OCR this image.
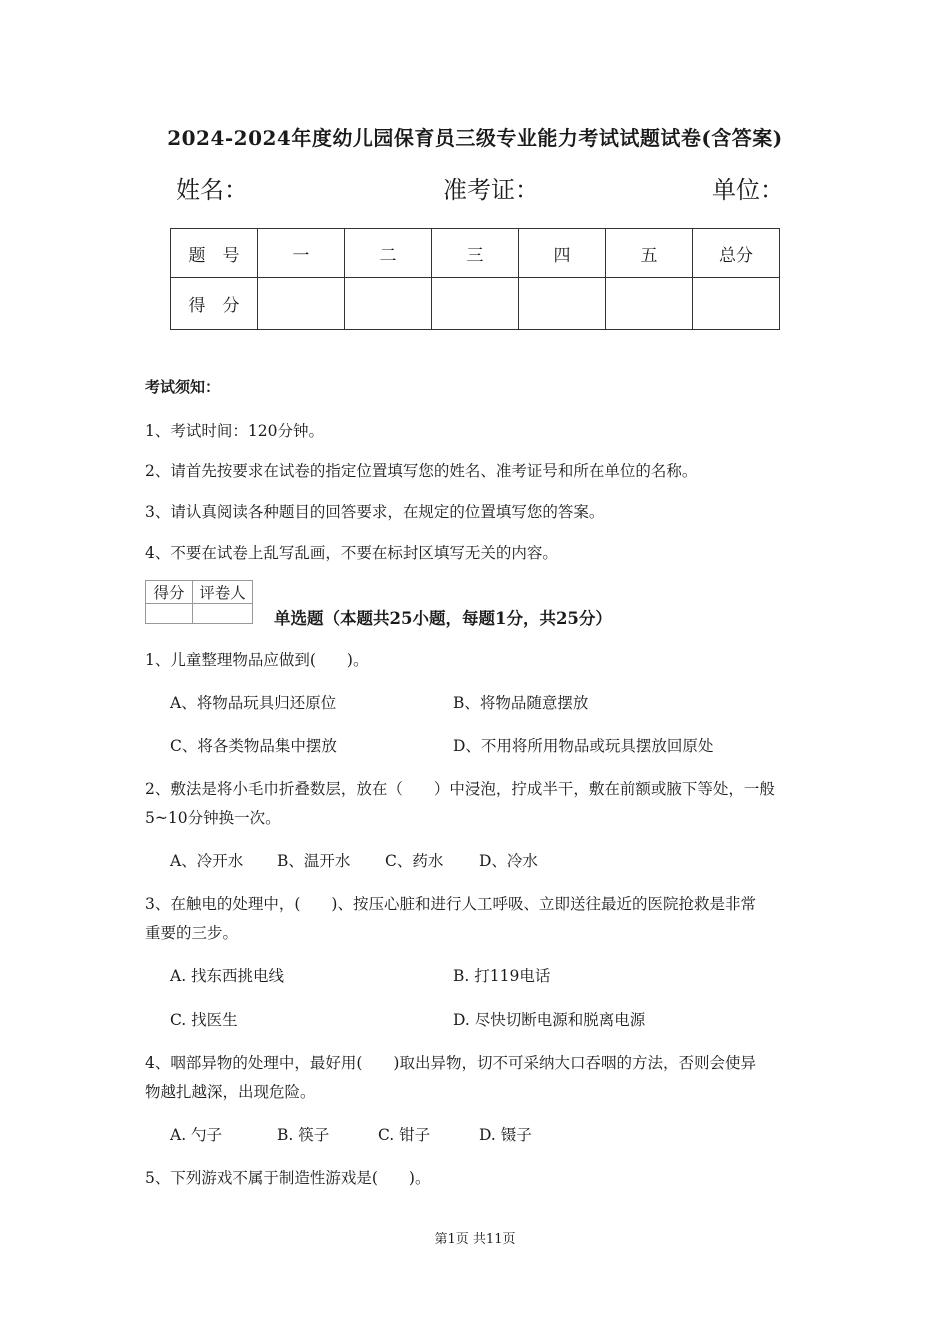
2024-2024年度幼儿园保育员三级专业能力考试试题试卷(含答案)
姓名：	准考证：	单位：
题　号	一	二	三	四	五	总分
得　分						
考试须知：
1、考试时间：120分钟。
2、请首先按要求在试卷的指定位置填写您的姓名、准考证号和所在单位的名称。
3、请认真阅读各种题目的回答要求，在规定的位置填写您的答案。
4、不要在试卷上乱写乱画，不要在标封区填写无关的内容。
得分	评卷人

单选题（本题共25小题，每题1分，共25分）
1、儿童整理物品应做到(　　)。
A、将物品玩具归还原位	B、将物品随意摆放
C、将各类物品集中摆放	D、不用将所用物品或玩具摆放回原处
2、敷法是将小毛巾折叠数层，放在（　　）中浸泡，拧成半干，敷在前额或腋下等处，一般
5~10分钟换一次。
A、冷开水 B、温开水 C、药水 D、冷水
3、在触电的处理中，(　　)、按压心脏和进行人工呼吸、立即送往最近的医院抢救是非常
重要的三步。
A. 找东西挑电线	B. 打119电话
C. 找医生	D. 尽快切断电源和脱离电源
4、咽部异物的处理中，最好用(　　)取出异物，切不可采纳大口吞咽的方法，否则会使异
物越扎越深，出现危险。
A. 勺子	B. 筷子	C. 钳子	D. 镊子
5、下列游戏不属于制造性游戏是(　　)。
第1页 共11页
